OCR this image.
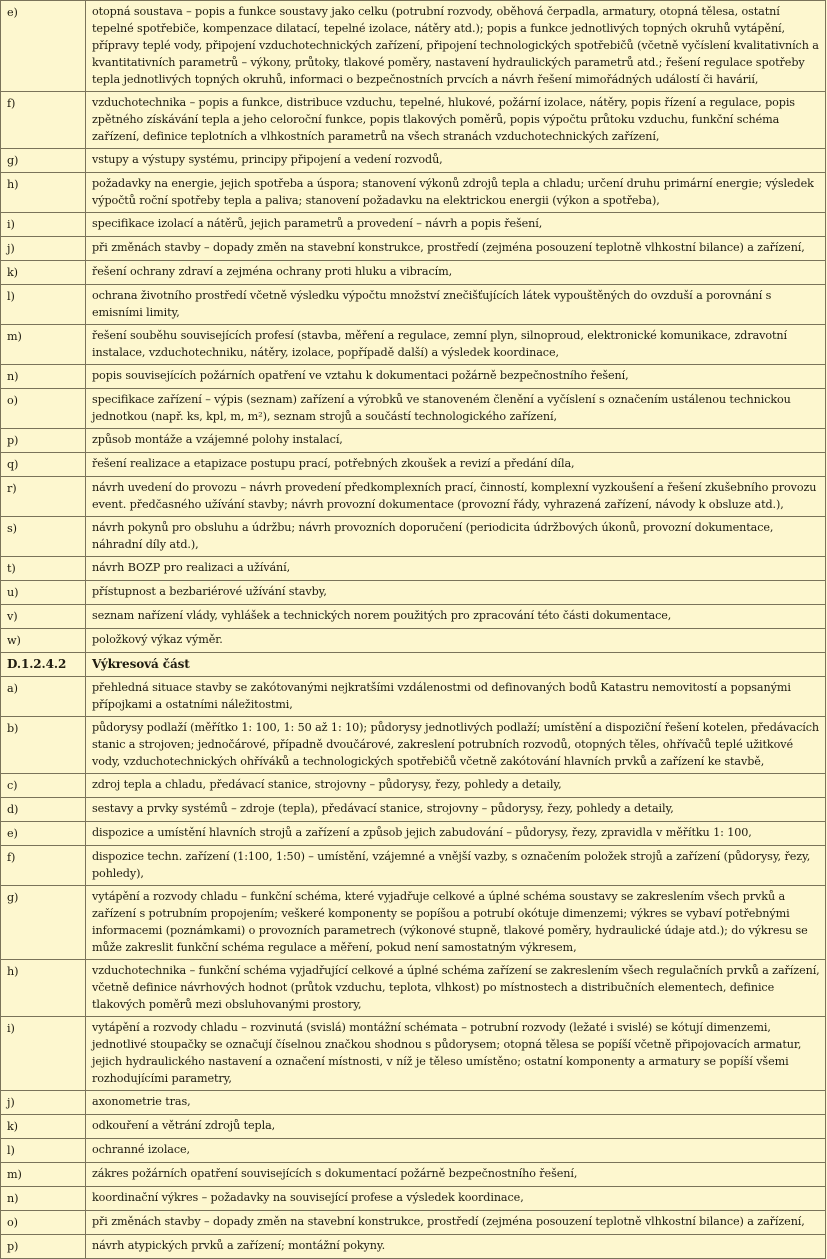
e)	otopná soustava – popis a funkce soustavy jako celku (potrubní rozvody, oběhová čerpadla, armatury, otopná tělesa, ostatní tepelné spotřebiče, kompenzace dilatací, tepelné izolace, nátěry atd.); popis a funkce jednotlivých topných okruhů vytápění, přípravy teplé vody, připojení vzduchotechnických zařízení, připojení technologických spotřebičů (včetně vyčíslení kvalitativních a kvantitativních parametrů – výkony, průtoky, tlakové poměry, nastavení hydraulických parametrů atd.; řešení regulace spotřeby tepla jednotlivých topných okruhů, informaci o bezpečnostních prvcích a návrh řešení mimořádných událostí či havárií,
f)	vzduchotechnika – popis a funkce, distribuce vzduchu, tepelné, hlukové, požární izolace, nátěry, popis řízení a regulace, popis zpětného získávání tepla a jeho celoroční funkce, popis tlakových poměrů, popis výpočtu průtoku vzduchu, funkční schéma zařízení, definice teplotních a vlhkostních parametrů na všech stranách vzduchotechnických zařízení,
g)	vstupy a výstupy systému, principy připojení a vedení rozvodů,
h)	požadavky na energie, jejich spotřeba a úspora; stanovení výkonů zdrojů tepla a chladu; určení druhu primární energie; výsledek výpočtů roční spotřeby tepla a paliva; stanovení požadavku na elektrickou energii (výkon a spotřeba),
i)	specifikace izolací a nátěrů, jejich parametrů a provedení – návrh a popis řešení,
j)	při změnách stavby – dopady změn na stavební konstrukce, prostředí (zejména posouzení teplotně vlhkostní bilance) a zařízení,
k)	řešení ochrany zdraví a zejména ochrany proti hluku a vibracím,
l)	ochrana životního prostředí včetně výsledku výpočtu množství znečišťujících látek vypouštěných do ovzduší a porovnání s emisními limity,
m)	řešení souběhu souvisejících profesí (stavba, měření a regulace, zemní plyn, silnoproud, elektronické komunikace, zdravotní instalace, vzduchotechniku, nátěry, izolace, popřípadě další) a výsledek koordinace,
n)	popis souvisejících požárních opatření ve vztahu k dokumentaci požárně bezpečnostního řešení,
o)	specifikace zařízení – výpis (seznam) zařízení a výrobků ve stanoveném členění a vyčíslení s označením ustálenou technickou jednotkou (např. ks, kpl, m, m²), seznam strojů a součástí technologického zařízení,
p)	způsob montáže a vzájemné polohy instalací,
q)	řešení realizace a etapizace postupu prací, potřebných zkoušek a revizí a předání díla,
r)	návrh uvedení do provozu – návrh provedení předkomplexních prací, činností, komplexní vyzkoušení a řešení zkušebního provozu event. předčasného užívání stavby; návrh provozní dokumentace (provozní řády, vyhrazená zařízení, návody k obsluze atd.),
s)	návrh pokynů pro obsluhu a údržbu; návrh provozních doporučení (periodicita údržbových úkonů, provozní dokumentace, náhradní díly atd.),
t)	návrh BOZP pro realizaci a užívání,
u)	přístupnost a bezbariérové užívání stavby,
v)	seznam nařízení vlády, vyhlášek a technických norem použitých pro zpracování této části dokumentace,
w)	položkový výkaz výměr.
D.1.2.4.2	Výkresová část
a)	přehledná situace stavby se zakótovanými nejkratšími vzdálenostmi od definovaných bodů Katastru nemovitostí a popsanými přípojkami a ostatními náležitostmi,
b)	půdorysy podlaží (měřítko 1: 100, 1: 50 až 1: 10); půdorysy jednotlivých podlaží; umístění a dispoziční řešení kotelen, předávacích stanic a strojoven; jednočárové, případně dvoučárové, zakreslení potrubních rozvodů, otopných těles, ohřívačů teplé užitkové vody, vzduchotechnických ohříváků a technologických spotřebičů včetně zakótování hlavních prvků a zařízení ke stavbě,
c)	zdroj tepla a chladu, předávací stanice, strojovny – půdorysy, řezy, pohledy a detaily,
d)	sestavy a prvky systémů – zdroje (tepla), předávací stanice, strojovny – půdorysy, řezy, pohledy a detaily,
e)	dispozice a umístění hlavních strojů a zařízení a způsob jejich zabudování – půdorysy, řezy, zpravidla v měřítku 1: 100,
f)	dispozice techn. zařízení (1:100, 1:50) – umístění, vzájemné a vnější vazby, s označením položek strojů a zařízení (půdorysy, řezy, pohledy),
g)	vytápění a rozvody chladu – funkční schéma, které vyjadřuje celkové a úplné schéma soustavy se zakreslením všech prvků a zařízení s potrubním propojením; veškeré komponenty se popíšou a potrubí okótuje dimenzemi; výkres se vybaví potřebnými informacemi (poznámkami) o provozních parametrech (výkonové stupně, tlakové poměry, hydraulické údaje atd.); do výkresu se může zakreslit funkční schéma regulace a měření, pokud není samostatným výkresem,
h)	vzduchotechnika – funkční schéma vyjadřující celkové a úplné schéma zařízení se zakreslením všech regulačních prvků a zařízení, včetně definice návrhových hodnot (průtok vzduchu, teplota, vlhkost) po místnostech a distribučních elementech, definice tlakových poměrů mezi obsluhovanými prostory,
i)	vytápění a rozvody chladu – rozvinutá (svislá) montážní schémata – potrubní rozvody (ležaté i svislé) se kótují dimenzemi, jednotlivé stoupačky se označují číselnou značkou shodnou s půdorysem; otopná tělesa se popíší včetně připojovacích armatur, jejich hydraulického nastavení a označení místnosti, v níž je těleso umístěno; ostatní komponenty a armatury se popíší všemi rozhodujícími parametry,
j)	axonometrie tras,
k)	odkouření a větrání zdrojů tepla,
l)	ochranné izolace,
m)	zákres požárních opatření souvisejících s dokumentací požárně bezpečnostního řešení,
n)	koordinační výkres – požadavky na související profese a výsledek koordinace,
o)	při změnách stavby – dopady změn na stavební konstrukce, prostředí (zejména posouzení teplotně vlhkostní bilance) a zařízení,
p)	návrh atypických prvků a zařízení; montážní pokyny.
